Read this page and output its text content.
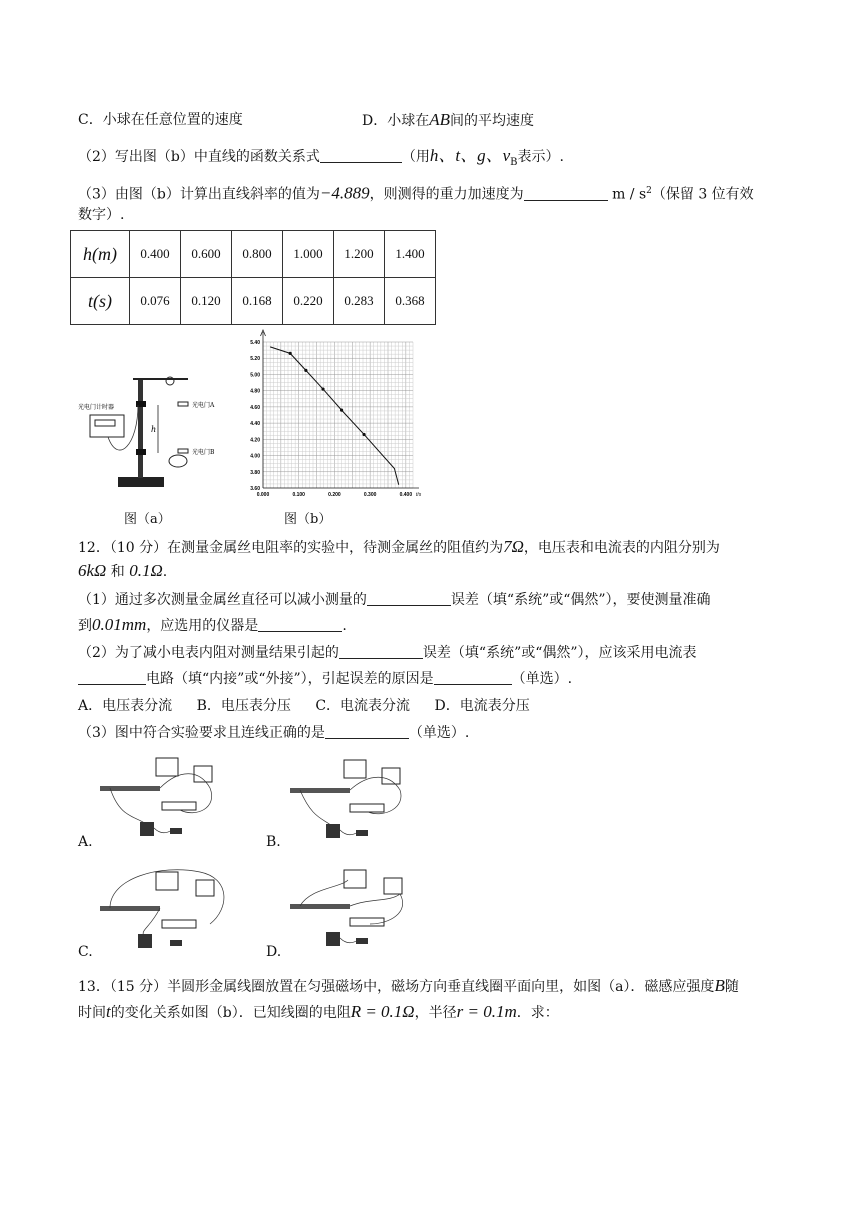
C．小球在任意位置的速度	D．小球在AB间的平均速度
（2）写出图（b）中直线的函数关系式	（用h、t、g、$v_B$表示）.
（3）由图（b）计算出直线斜率的值为−4.889，则测得的重力加速度为	m / $s^2$（保留 3 位有效
数字）.
h(m)	0.400	0.600	0.800	1.000	1.200	1.400
t(s)	0.076	0.120	0.168	0.220	0.283	0.368
h
光电门计时器	光电门A
光电门B
图（a）
5.40
5.20
5.00
4.80
4.60
4.40
4.20
4.00
3.80
3.60
0.000	0.100	0.200	0.300	0.400 t/s
图（b）
12．（10 分）在测量金属丝电阻率的实验中，待测金属丝的阻值约为7Ω，电压表和电流表的内阻分别为
6kΩ 和 0.1Ω.
（1）通过多次测量金属丝直径可以减小测量的	误差（填“系统”或“偶然”），要使测量准确
到0.01mm，应选用的仪器是	.
（2）为了减小电表内阻对测量结果引起的	误差（填“系统”或“偶然”），应该采用电流表
电路（填“内接”或“外接”），引起误差的原因是	（单选）.
A．电压表分流 B．电压表分压 C．电流表分流 D．电流表分压
（3）图中符合实验要求且连线正确的是	（单选）.
A.	B.
C.	D.
13．（15 分）半圆形金属线圈放置在匀强磁场中，磁场方向垂直线圈平面向里，如图（a）．磁感应强度B随
时间t的变化关系如图（b）．已知线圈的电阻R = 0.1Ω，半径r = 0.1m．求：
